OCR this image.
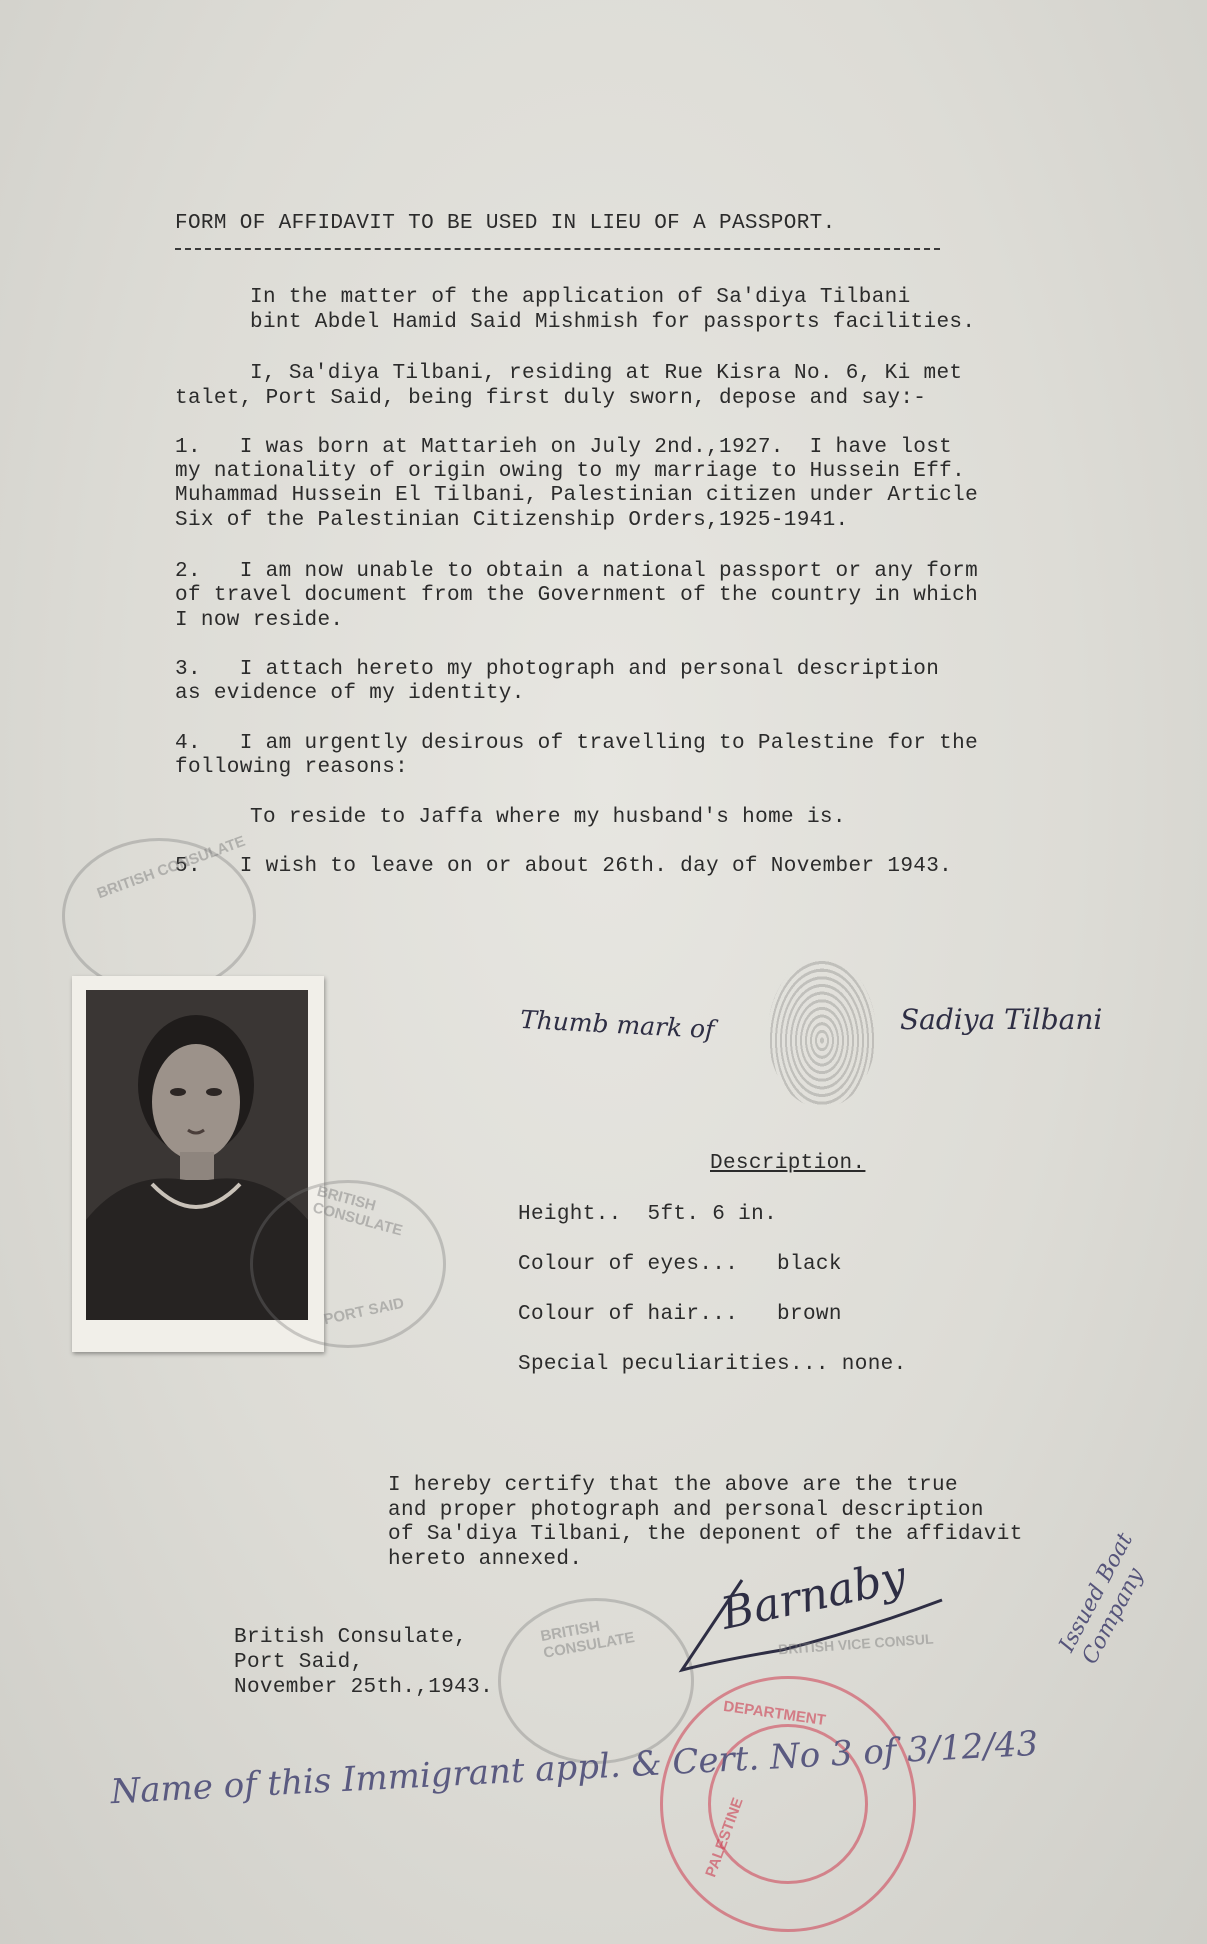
FORM OF AFFIDAVIT TO BE USED IN LIEU OF A PASSPORT.
In the matter of the application of Sa'diya Tilbani
bint Abdel Hamid Said Mishmish for passports facilities.
I, Sa'diya Tilbani, residing at Rue Kisra No. 6, Ki met
talet, Port Said, being first duly sworn, depose and say:-
1.   I was born at Mattarieh on July 2nd.,1927.  I have lost
my nationality of origin owing to my marriage to Hussein Eff.
Muhammad Hussein El Tilbani, Palestinian citizen under Article
Six of the Palestinian Citizenship Orders,1925-1941.
2.   I am now unable to obtain a national passport or any form
of travel document from the Government of the country in which
I now reside.
3.   I attach hereto my photograph and personal description
as evidence of my identity.
4.   I am urgently desirous of travelling to Palestine for the
following reasons:
To reside to Jaffa where my husband's home is.
5.   I wish to leave on or about 26th. day of November 1943.
BRITISH CONSULATE
BRITISH CONSULATE
PORT SAID
Thumb mark of	Sadiya Tilbani
Description.
Height..  5ft. 6 in.
Colour of eyes...   black
Colour of hair...   brown
Special peculiarities... none.
I hereby certify that the above are the true
and proper photograph and personal description
of Sa'diya Tilbani, the deponent of the affidavit
hereto annexed.
British Consulate,
Port Said,
November 25th.,1943.
BRITISH CONSULATE
Barnaby
BRITISH VICE CONSUL
DEPARTMENT
PALESTINE
Issued Boat Company
Name of this Immigrant appl. & Cert. No 3 of 3/12/43
